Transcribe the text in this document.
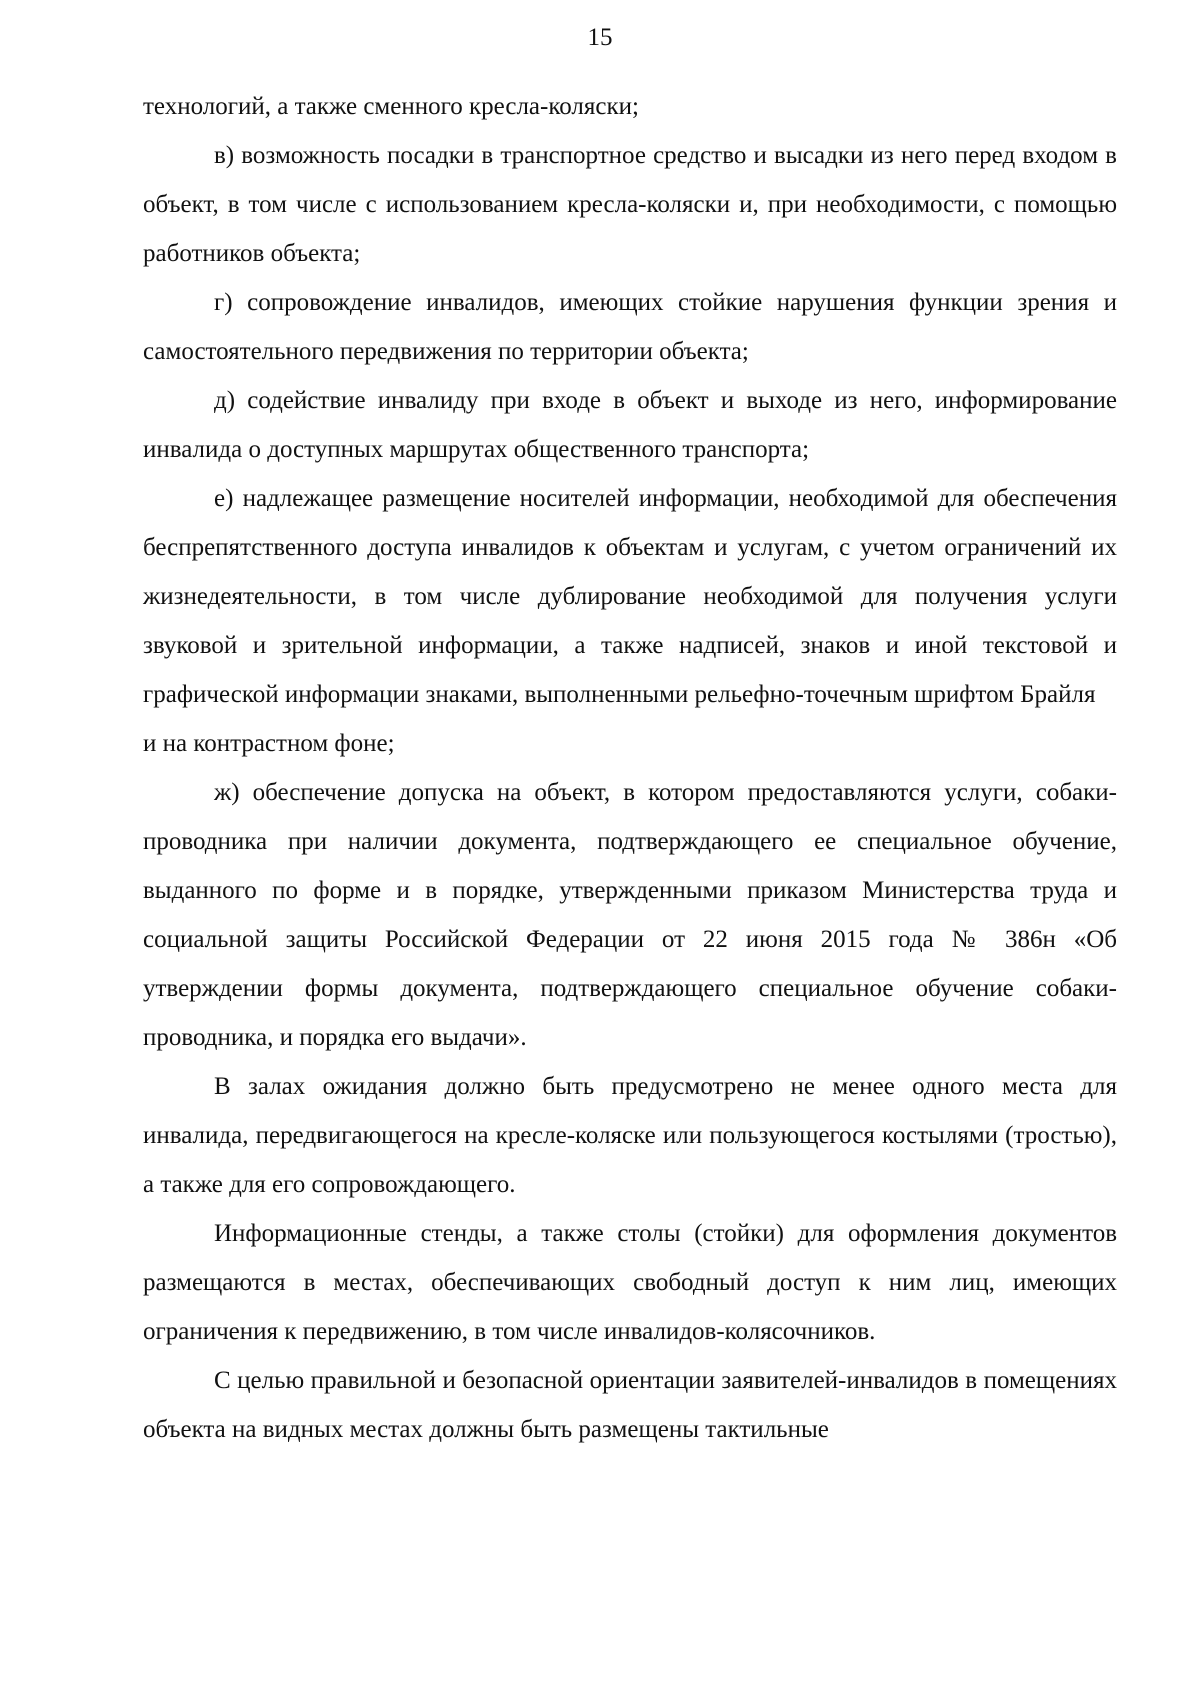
15

технологий, а также сменного кресла-коляски;

в) возможность посадки в транспортное средство и высадки из него перед входом в объект, в том числе с использованием кресла-коляски и, при необходимости, с помощью работников объекта;

г) сопровождение инвалидов, имеющих стойкие нарушения функции зрения и самостоятельного передвижения по территории объекта;

д) содействие инвалиду при входе в объект и выходе из него, информирование инвалида о доступных маршрутах общественного транспорта;

е) надлежащее размещение носителей информации, необходимой для обеспечения беспрепятственного доступа инвалидов к объектам и услугам, с учетом ограничений их жизнедеятельности, в том числе дублирование необходимой для получения услуги звуковой и зрительной информации, а также надписей, знаков и иной текстовой и графической информации знаками, выполненными рельефно-точечным шрифтом Брайля

и на контрастном фоне;

ж) обеспечение допуска на объект, в котором предоставляются услуги, собаки-проводника при наличии документа, подтверждающего ее специальное обучение, выданного по форме и в порядке, утвержденными приказом Министерства труда и социальной защиты Российской Федерации от 22 июня 2015 года № 386н «Об утверждении формы документа, подтверждающего специальное обучение собаки-проводника, и порядка его выдачи».

В залах ожидания должно быть предусмотрено не менее одного места для инвалида, передвигающегося на кресле-коляске или пользующегося костылями (тростью), а также для его сопровождающего.

Информационные стенды, а также столы (стойки) для оформления документов размещаются в местах, обеспечивающих свободный доступ к ним лиц, имеющих ограничения к передвижению, в том числе инвалидов-колясочников.

С целью правильной и безопасной ориентации заявителей-инвалидов в помещениях объекта на видных местах должны быть размещены тактильные
